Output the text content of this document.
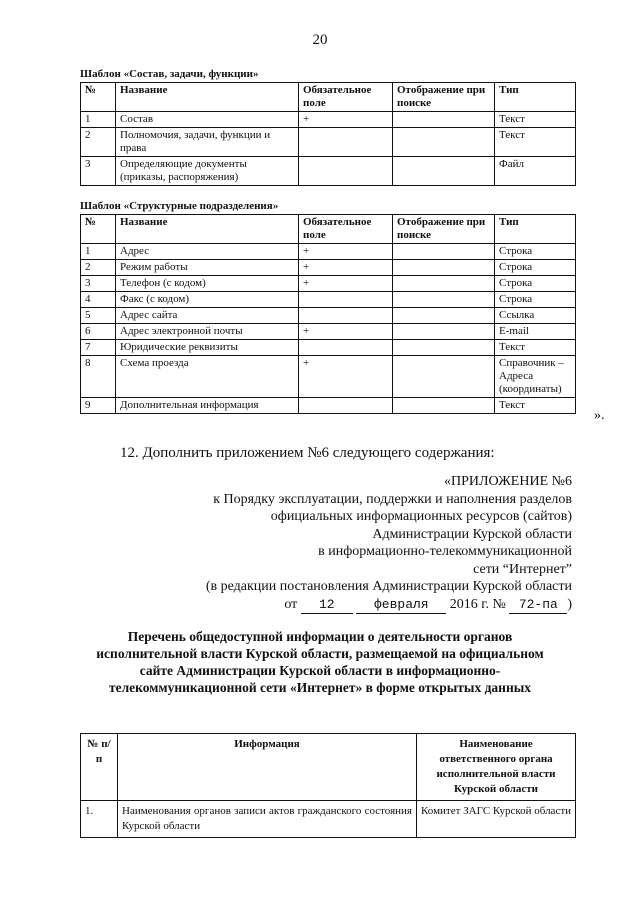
20
Шаблон «Состав, задачи, функции»
№	Название	Обязательное поле	Отображение при поиске	Тип
1	Состав	+		Текст
2	Полномочия, задачи, функции и права			Текст
3	Определяющие документы (приказы, распоряжения)			Файл
Шаблон «Структурные подразделения»
№	Название	Обязательное поле	Отображение при поиске	Тип
1	Адрес	+		Строка
2	Режим работы	+		Строка
3	Телефон (с кодом)	+		Строка
4	Факс (с кодом)			Строка
5	Адрес сайта			Ссылка
6	Адрес электронной почты	+		E-mail
7	Юридические реквизиты			Текст
8	Схема проезда	+		Справочник – Адреса (координаты)
9	Дополнительная информация			Текст
».
12. Дополнить приложением №6 следующего содержания:
«ПРИЛОЖЕНИЕ №6
к Порядку эксплуатации, поддержки и наполнения разделов
официальных информационных ресурсов (сайтов)
Администрации Курской области
в информационно-телекоммуникационной
сети “Интернет”
(в редакции постановления Администрации Курской области
от 12	февраля 2016 г. № 72-па )
Перечень общедоступной информации о деятельности органов исполнительной власти Курской области, размещаемой на официальном сайте Администрации Курской области в информационно-телекоммуникационной сети «Интернет» в форме открытых данных
№ п/п	Информация	Наименование ответственного органа исполнительной власти Курской области
1.	Наименования органов записи актов гражданского состояния Курской области	Комитет ЗАГС Курской области
